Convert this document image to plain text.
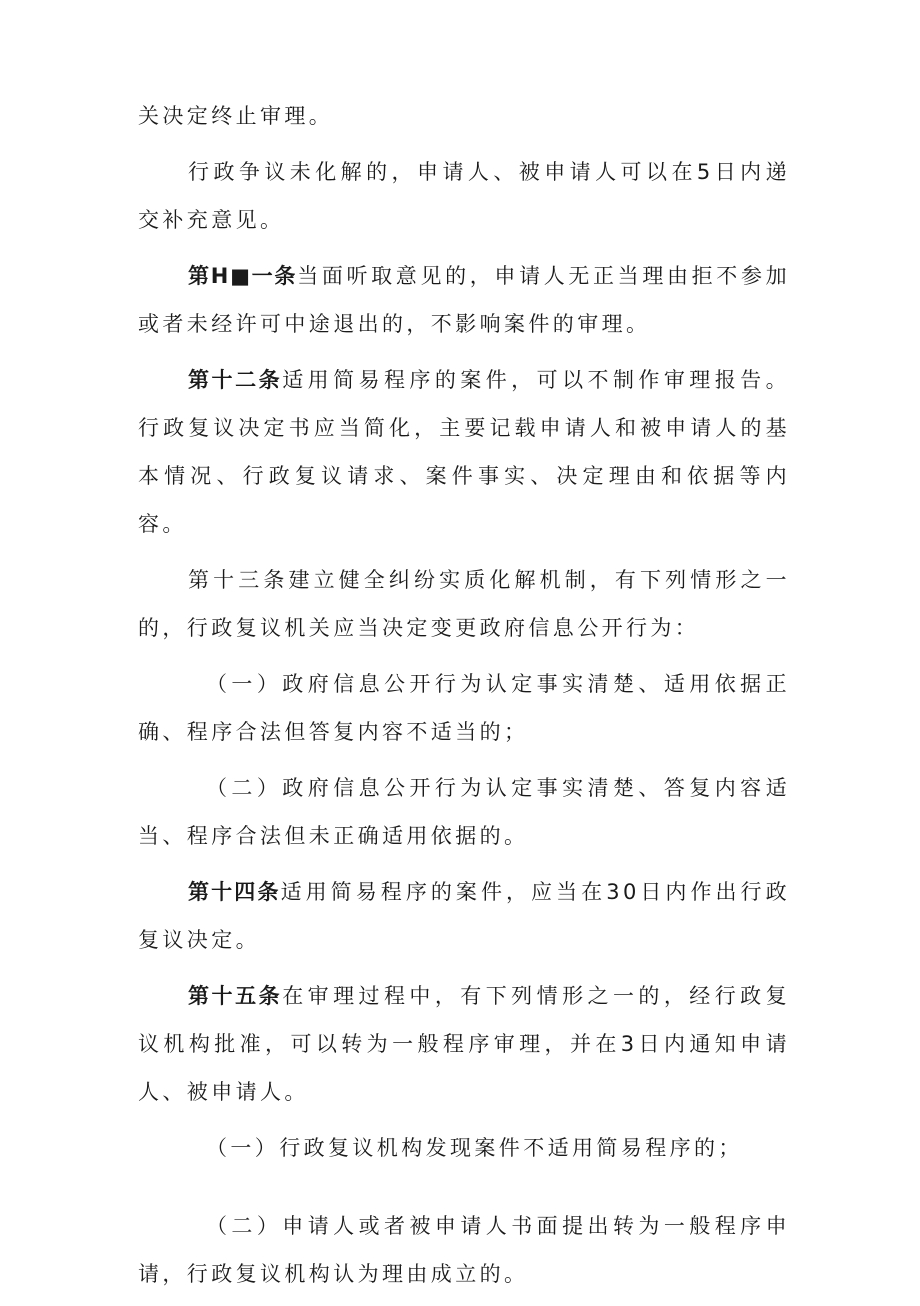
关决定终止审理。

行政争议未化解的，申请人、被申请人可以在5日内递交补充意见。

第H■一条当面听取意见的，申请人无正当理由拒不参加或者未经许可中途退出的，不影响案件的审理。

第十二条适用简易程序的案件，可以不制作审理报告。行政复议决定书应当简化，主要记载申请人和被申请人的基本情况、行政复议请求、案件事实、决定理由和依据等内容。

第十三条建立健全纠纷实质化解机制，有下列情形之一的，行政复议机关应当决定变更政府信息公开行为：

（一）政府信息公开行为认定事实清楚、适用依据正确、程序合法但答复内容不适当的；

（二）政府信息公开行为认定事实清楚、答复内容适当、程序合法但未正确适用依据的。

第十四条适用简易程序的案件，应当在30日内作出行政复议决定。

第十五条在审理过程中，有下列情形之一的，经行政复议机构批准，可以转为一般程序审理，并在3日内通知申请人、被申请人。

（一）行政复议机构发现案件不适用简易程序的；

（二）申请人或者被申请人书面提出转为一般程序申请，行政复议机构认为理由成立的。
